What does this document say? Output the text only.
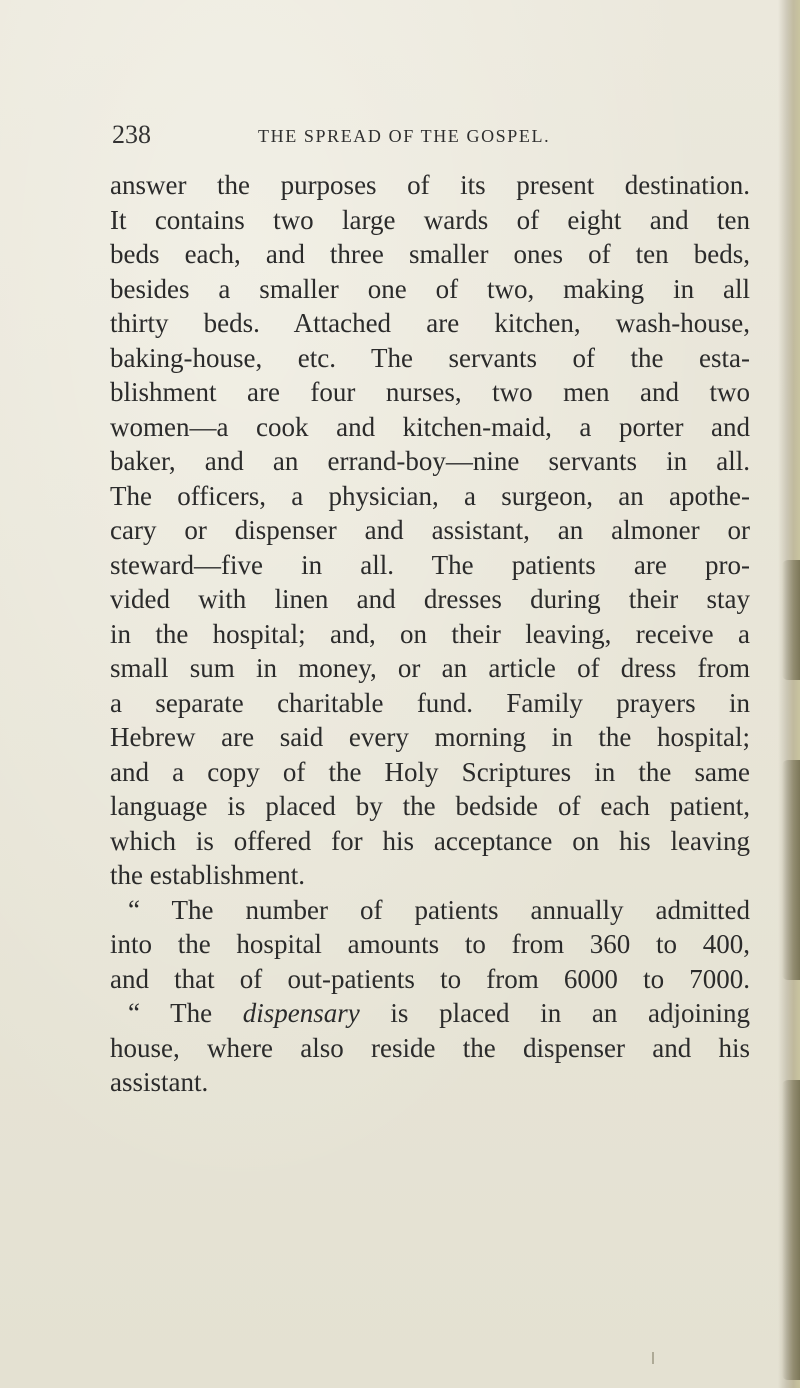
238	THE SPREAD OF THE GOSPEL.
answer the purposes of its present destination.
It contains two large wards of eight and ten
beds each, and three smaller ones of ten beds,
besides a smaller one of two, making in all
thirty beds. Attached are kitchen, wash-house,
baking-house, etc. The servants of the esta-
blishment are four nurses, two men and two
women—a cook and kitchen-maid, a porter and
baker, and an errand-boy—nine servants in all.
The officers, a physician, a surgeon, an apothe-
cary or dispenser and assistant, an almoner or
steward—five in all. The patients are pro-
vided with linen and dresses during their stay
in the hospital; and, on their leaving, receive a
small sum in money, or an article of dress from
a separate charitable fund. Family prayers in
Hebrew are said every morning in the hospital;
and a copy of the Holy Scriptures in the same
language is placed by the bedside of each patient,
which is offered for his acceptance on his leaving
the establishment.
“ The number of patients annually admitted
into the hospital amounts to from 360 to 400,
and that of out-patients to from 6000 to 7000.
“ The dispensary is placed in an adjoining
house, where also reside the dispenser and his
assistant.
